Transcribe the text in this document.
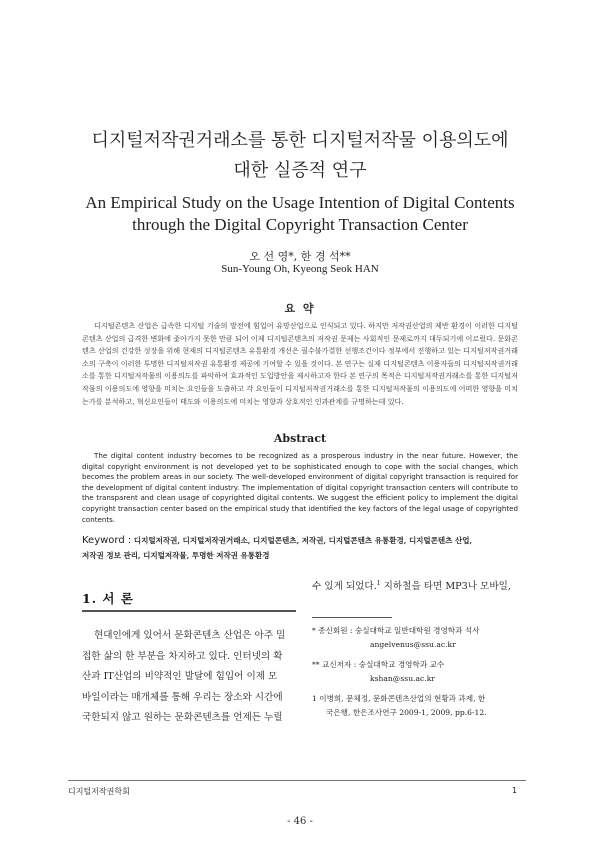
디지털저작권거래소를 통한 디지털저작물 이용의도에
대한 실증적 연구
An Empirical Study on the Usage Intention of Digital Contents
through the Digital Copyright Transaction Center
오 선 영*, 한 경 석**
Sun-Young Oh, Kyeong Seok HAN
요 약

디지털콘텐츠 산업은 급속한 디지털 기술의 발전에 힘입어 유망산업으로 인식되고 있다. 하지만 저작권산업의 제반 환경이 이러한 디지털콘텐츠 산업의 급격한 변화에 좇아가지 못한 만큼 되어 이제 디지털콘텐츠의 저작권 문제는 사회적인 문제로까지 대두되기에 이르렀다. 문화콘텐츠 산업의 건강한 성장을 위해 현재의 디지털콘텐츠 유통환경 개선은 필수불가결한 선행조건이다 정부에서 진행하고 있는 디지털저작권거래소의 구축이 이러한 투명한 디지털저작권 유통환경 제공에 기여할 수 있을 것이다. 본 연구는 실제 디지털콘텐츠 이용자들의 디지털저작권거래소를 통한 디지털저작물의 이용의도를 파악하여 효과적인 도입방안을 제시하고자 한다 본 연구의 목적은 디지털저작권거래소를 통한 디지털저작물의 이용의도에 영향을 미치는 요인들을 도출하고 각 요인들이 디지털저작권거래소를 통한 디지털저작물의 이용의도에 어떠한 영향을 미치는가를 분석하고, 혁신요인들이 태도와 이용의도에 미치는 영향과 상호적인 인과관계를 규명하는데 있다.

Abstract

The digital content industry becomes to be recognized as a prosperous industry in the near future. However, the digital copyright environment is not developed yet to be sophisticated enough to cope with the social changes, which becomes the problem areas in our society. The well-developed environment of digital copyright transaction is required for the development of digital content industry. The implementation of digital copyright transaction centers will contribute to the transparent and clean usage of copyrighted digital contents. We suggest the efficient policy to implement the digital copyright transaction center based on the empirical study that identified the key factors of the legal usage of copyrighted contents.

Keyword : 디지털저작권, 디지털저작권거래소, 디지털콘텐츠, 저작권, 디지털콘텐츠 유통환경, 디지털콘텐츠 산업,
저작권 정보 관리, 디지털저작물, 투명한 저작권 유통환경
1. 서 론
현대인에게 있어서 문화콘텐츠 산업은 아주 밀
접한 삶의 한 부분을 차지하고 있다. 인터넷의 확
산과 IT산업의 비약적인 발달에 힘입어 이제 모
바일이라는 매개체를 통해 우리는 장소와 시간에
국한되지 않고 원하는 문화콘텐츠를 언제든 누릴
수 있게 되었다.$^1$ 지하철을 타면 MP3나 모바일,
* 종신회원 : 숭실대학교 일반대학원 경영학과 석사
angelvenus@ssu.ac.kr
** 교신저자 : 숭실대학교 경영학과 교수
kshan@ssu.ac.kr
1 이병희, 문체정, 문화콘텐츠산업의 현황과 과제, 한
국은행, 한은조사연구 2009-1, 2009, pp.6-12.
디지털저작권학회	1
- 46 -
